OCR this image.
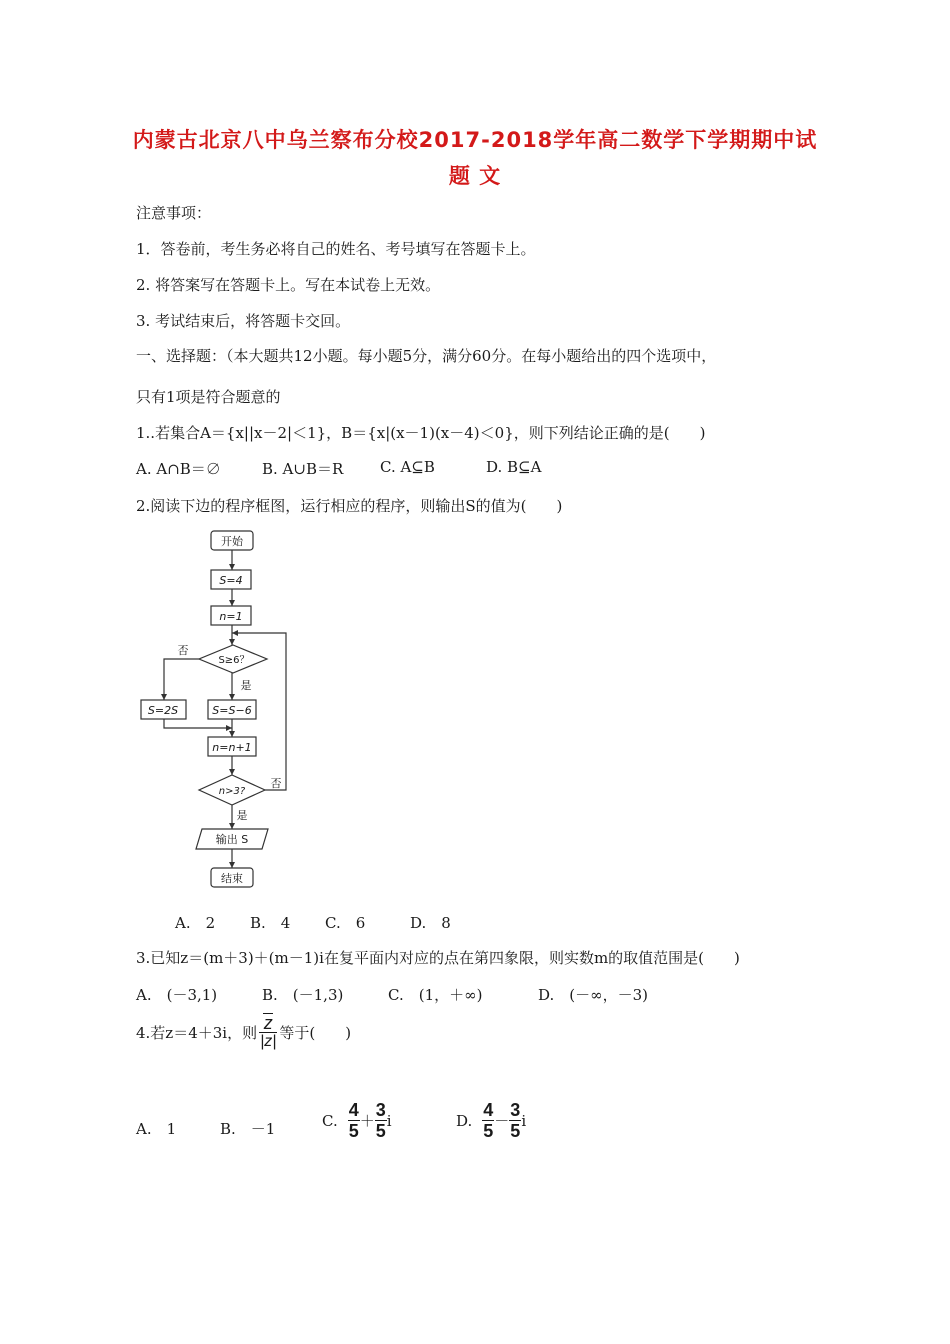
内蒙古北京八中乌兰察布分校2017-2018学年高二数学下学期期中试
题 文
注意事项：
1．答卷前，考生务必将自己的姓名、考号填写在答题卡上。
2. 将答案写在答题卡上。写在本试卷上无效。
3. 考试结束后，将答题卡交回。
一、选择题：（本大题共12小题。每小题5分，满分60分。在每小题给出的四个选项中，
只有1项是符合题意的
1..若集合A＝{x||x－2|＜1}，B＝{x|(x－1)(x－4)＜0}，则下列结论正确的是(　　)
A. A∩B＝∅	B. A∪B＝R C. A⊆B	D. B⊆A
2.阅读下边的程序框图，运行相应的程序，则输出S的值为(　　)
开始
S=4
n=1
S≥6？
否
是
S=2S	S=S−6
n=n+1
n>3?
否
是
输出 S
结束
A.　2 B.　4 C.　6	D.　8
3.已知z＝(m＋3)＋(m－1)i在复平面内对应的点在第四象限，则实数m的取值范围是(　　)
A.　(－3,1)	B.　(－1,3)	C.　(1，＋∞)	D.　(－∞，－3)
4.若z＝4＋3i，则 $\frac{z}{|z|}$ 等于(　　)
A.　1	B.　－1	C. $\frac{4}{5} + \frac{3}{5}$ i	D. $\frac{4}{5} - \frac{3}{5}$ i
